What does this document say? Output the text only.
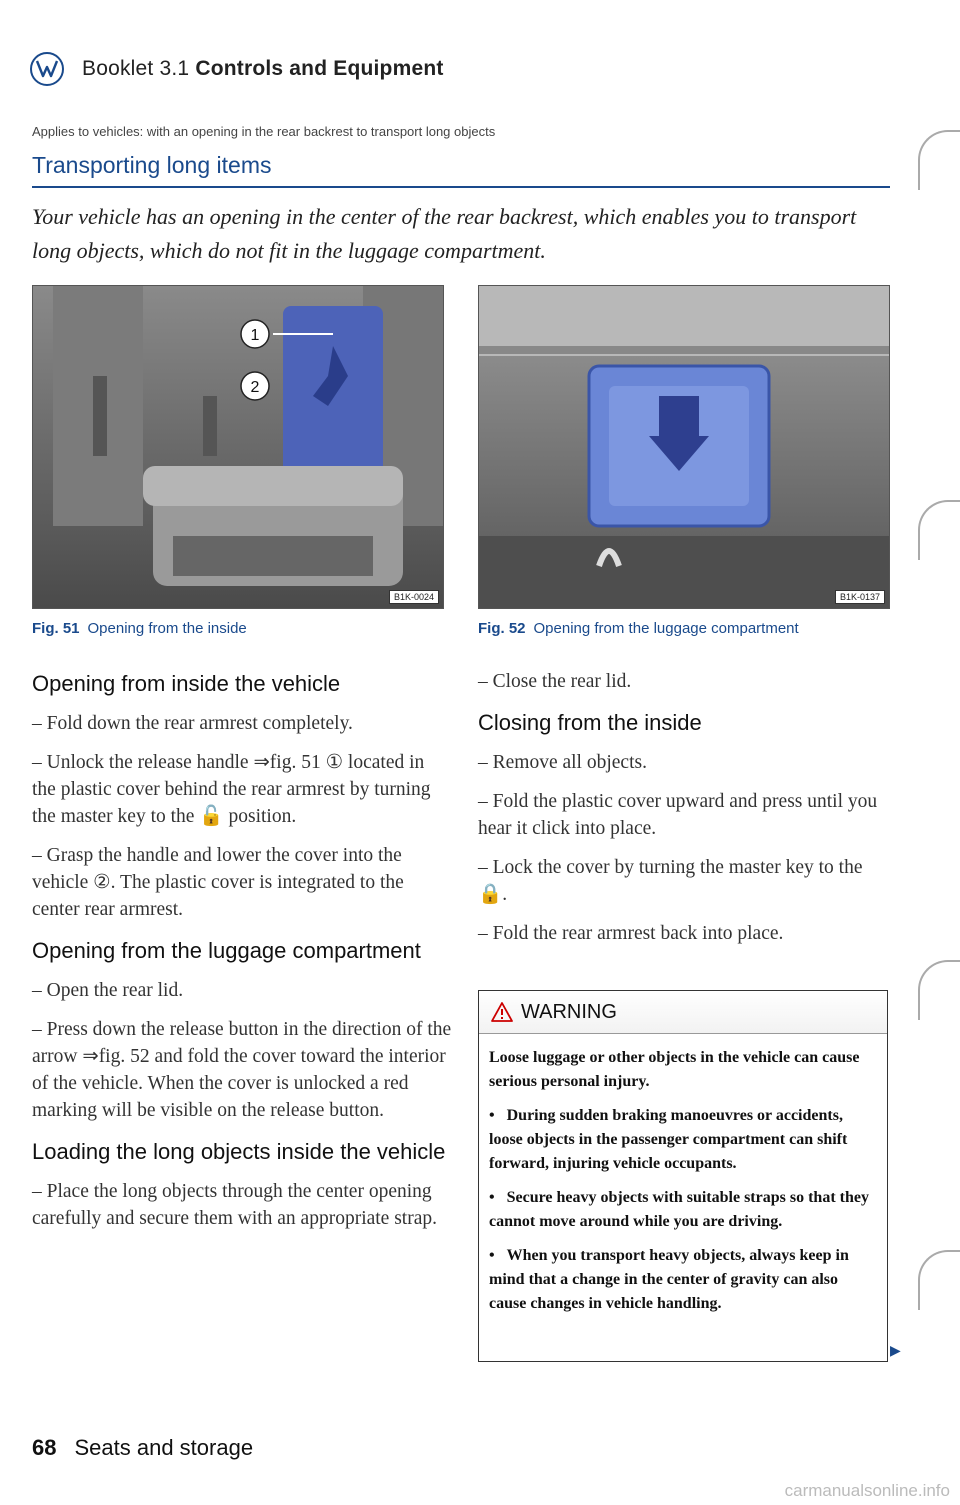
Booklet 3.1 Controls and Equipment
Applies to vehicles: with an opening in the rear backrest to transport long objects
Transporting long items
Your vehicle has an opening in the center of the rear backrest, which enables you to transport long objects, which do not fit in the luggage compartment.
1
2
B1K-0024
Fig. 51 Opening from the inside
B1K-0137
Fig. 52 Opening from the luggage compartment
Opening from inside the vehicle

– Fold down the rear armrest completely.

– Unlock the release handle ⇒fig. 51 ① located in the plastic cover behind the rear armrest by turning the master key to the 🔓 position.

– Grasp the handle and lower the cover into the vehicle ②. The plastic cover is integrated to the center rear armrest.

Opening from the luggage compartment

– Open the rear lid.

– Press down the release button in the direction of the arrow ⇒fig. 52 and fold the cover toward the interior of the vehicle. When the cover is unlocked a red marking will be visible on the release button.

Loading the long objects inside the vehicle

– Place the long objects through the center opening carefully and secure them with an appropriate strap.

– Close the rear lid.

Closing from the inside

– Remove all objects.

– Fold the plastic cover upward and press until you hear it click into place.

– Lock the cover by turning the master key to the 🔒.

– Fold the rear armrest back into place.

WARNING

Loose luggage or other objects in the vehicle can cause serious personal injury.

• During sudden braking manoeuvres or accidents, loose objects in the passenger compartment can shift forward, injuring vehicle occupants.

• Secure heavy objects with suitable straps so that they cannot move around while you are driving.

• When you transport heavy objects, always keep in mind that a change in the center of gravity can also cause changes in vehicle handling.

▶
68 Seats and storage
carmanualsonline.info
